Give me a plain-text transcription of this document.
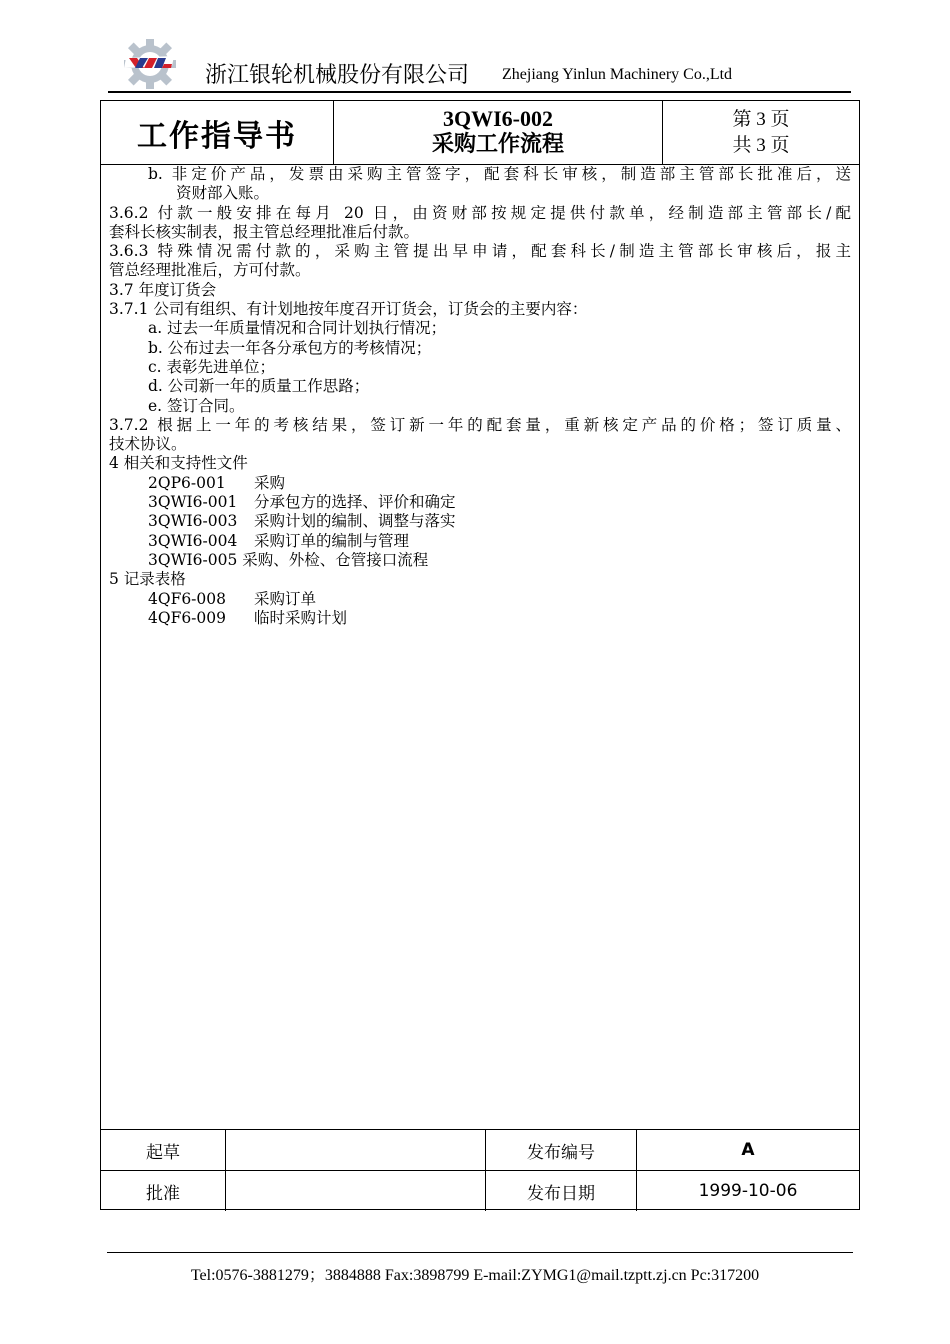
浙江银轮机械股份有限公司 Zhejiang Yinlun Machinery Co.,Ltd
工作指导书	3QWI6-002
采购工作流程
第 3 页
共 3 页

b. 非定价产品，发票由采购主管签字，配套科长审核，制造部主管部长批准后，送

资财部入账。

3.6.2 付款一般安排在每月 20 日，由资财部按规定提供付款单，经制造部主管部长/配

套科长核实制表，报主管总经理批准后付款。

3.6.3 特殊情况需付款的，采购主管提出早申请，配套科长/制造主管部长审核后，报主

管总经理批准后，方可付款。

3.7 年度订货会

3.7.1 公司有组织、有计划地按年度召开订货会，订货会的主要内容：

a. 过去一年质量情况和合同计划执行情况；

b. 公布过去一年各分承包方的考核情况；

c. 表彰先进单位；

d. 公司新一年的质量工作思路；

e. 签订合同。

3.7.2 根据上一年的考核结果，签订新一年的配套量，重新核定产品的价格；签订质量、

技术协议。

4 相关和支持性文件

2QP6-001 采购

3QWI6-001 分承包方的选择、评价和确定

3QWI6-003 采购计划的编制、调整与落实

3QWI6-004 采购订单的编制与管理

3QWI6-005 采购、外检、仓管接口流程

5 记录表格

4QF6-008 采购订单

4QF6-009 临时采购计划

起草		发布编号	A
批准		发布日期	1999-10-06
Tel:0576-3881279；3884888 Fax:3898799 E-mail:ZYMG1@mail.tzptt.zj.cn Pc:317200
